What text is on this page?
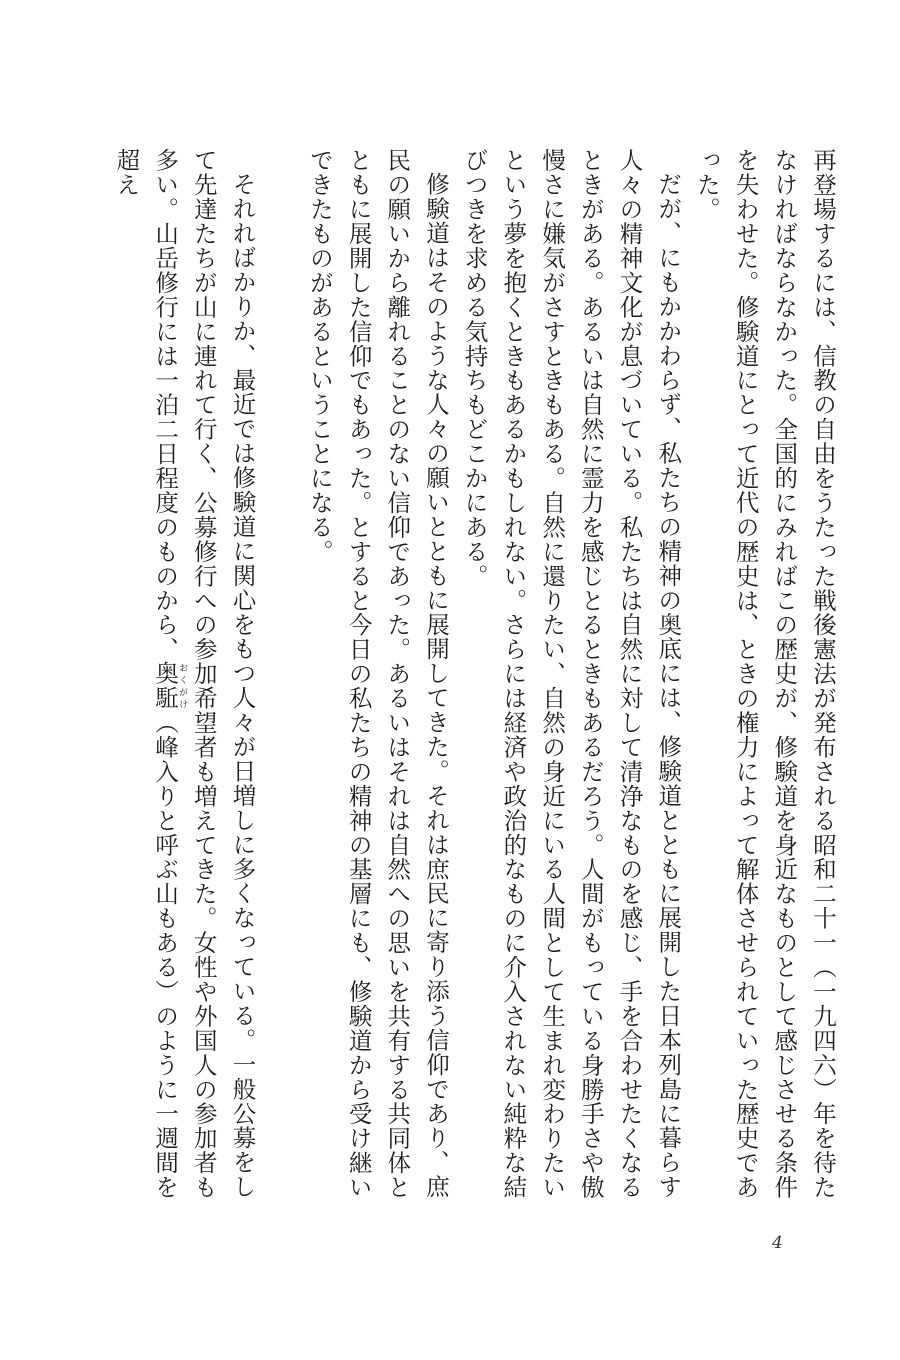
再登場するには、信教の自由をうたった戦後憲法が発布される昭和二十一（一九四六）年を待たなければならなかった。全国的にみればこの歴史が、修験道を身近なものとして感じさせる条件を失わせた。修験道にとって近代の歴史は、ときの権力によって解体させられていった歴史であった。

だが、にもかかわらず、私たちの精神の奥底には、修験道とともに展開した日本列島に暮らす人々の精神文化が息づいている。私たちは自然に対して清浄なものを感じ、手を合わせたくなるときがある。あるいは自然に霊力を感じとるときもあるだろう。人間がもっている身勝手さや傲慢さに嫌気がさすときもある。自然に還りたい、自然の身近にいる人間として生まれ変わりたいという夢を抱くときもあるかもしれない。さらには経済や政治的なものに介入されない純粋な結びつきを求める気持ちもどこかにある。

修験道はそのような人々の願いとともに展開してきた。それは庶民に寄り添う信仰であり、庶民の願いから離れることのない信仰であった。あるいはそれは自然への思いを共有する共同体とともに展開した信仰でもあった。とすると今日の私たちの精神の基層にも、修験道から受け継いできたものがあるということになる。

それればかりか、最近では修験道に関心をもつ人々が日増しに多くなっている。一般公募をして先達たちが山に連れて行く、公募修行への参加希望者も増えてきた。女性や外国人の参加者も多い。山岳修行には一泊二日程度のものから、奥駈おくがけ（峰入りと呼ぶ山もある）のように一週間を超え

4
